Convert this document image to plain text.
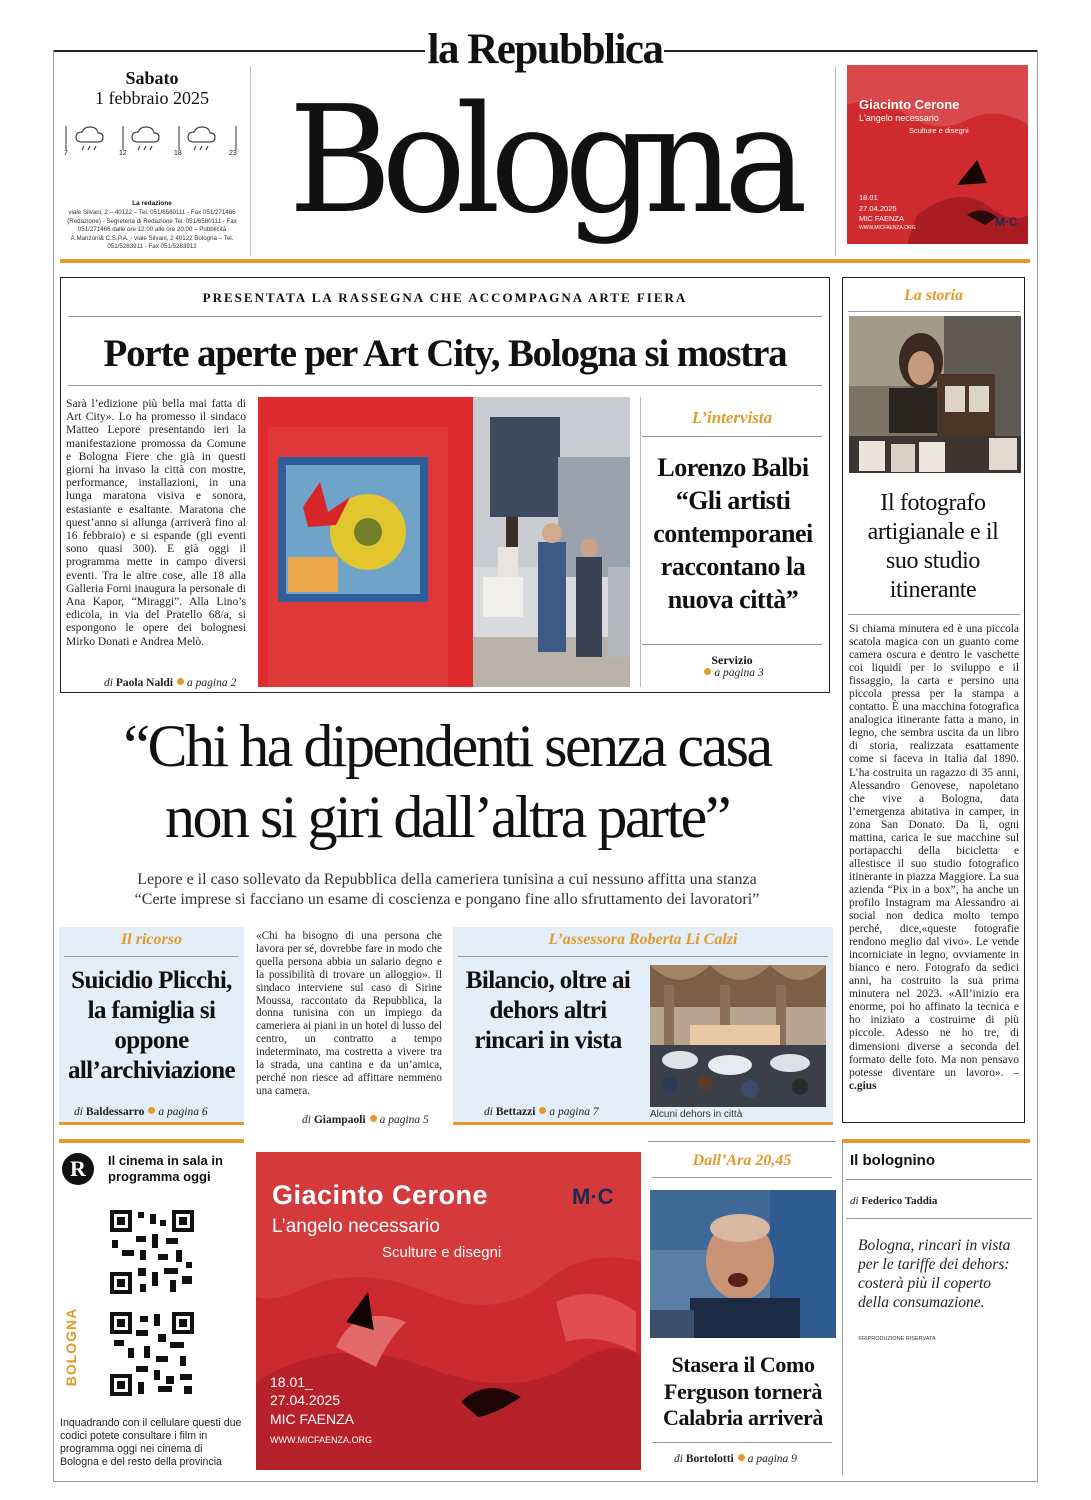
la Repubblica
Sabato
1 febbraio 2025
7	12	18	23
La redazione
viale Silvani, 2 – 40122 – Tel. 051/6580111 - Fax 051/271466 (Redazione) - Segreteria di Redazione Tel. 051/6580111 - Fax 051/271466 dalle ore 12.00 alle ore 20.00 – Pubblicità A.Manzoni& C.S.P.A. - viale Silvani, 2 40122 Bologna – Tel. 051/5283911 - Fax 051/5283912
Bologna	Giacinto Cerone
L'angelo necessario
Sculture e disegni
18.01
27.04.2025
MIC FAENZA
WWW.MICFAENZA.ORG	M·C
PRESENTATA LA RASSEGNA CHE ACCOMPAGNA ARTE FIERA
Porte aperte per Art City, Bologna si mostra
Sarà l’edizione più bella mai fatta di Art City». Lo ha promesso il sindaco Matteo Lepore presentando ieri la manifestazione promossa da Comune e Bologna Fiere che già in questi giorni ha invaso la città con mostre, performance, installazioni, in una lunga maratona visiva e sonora, estasiante e esaltante. Maratona che quest’anno si allunga (arriverà fino al 16 febbraio) e si espande (gli eventi sono quasi 300). E già oggi il programma mette in campo diversi eventi. Tra le altre cose, alle 18 alla Galleria Forni inaugura la personale di Ana Kapor, “Miraggi”. Alla Lino’s edicola, in via del Pratello 68/a, si espongono le opere dei bolognesi Mirko Donati e Andrea Melò.
di Paola Naldi a pagina 2
L’intervista
Lorenzo Balbi “Gli artisti contemporanei raccontano la nuova città”
Servizio
a pagina 3
La storia
Il fotografo artigianale e il suo studio itinerante
Si chiama minutera ed è una piccola scatola magica con un guanto come camera oscura e dentro le vaschette coi liquidi per lo sviluppo e il fissaggio, la carta e persino una piccola pressa per la stampa a contatto. È una macchina fotografica analogica itinerante fatta a mano, in legno, che sembra uscita da un libro di storia, realizzata esattamente come si faceva in Italia dal 1890. L’ha costruita un ragazzo di 35 anni, Alessandro Genovese, napoletano che vive a Bologna, data l’emergenza abitativa in camper, in zona San Donato. Da lì, ogni mattina, carica le sue macchine sul portapacchi della bicicletta e allestisce il suo studio fotografico itinerante in piazza Maggiore. La sua azienda “Pix in a box”, ha anche un profilo Instagram ma Alessandro ai social non dedica molto tempo perché, dice,«queste fotografie rendono meglio dal vivo». Le vende incorniciate in legno, ovviamente in bianco e nero. Fotografo da sedici anni, ha costruito la sua prima minutera nel 2023. «All’inizio era enorme, poi ho affinato la tecnica e ho iniziato a costruirne di più piccole. Adesso ne ho tre, di dimensioni diverse a seconda del formato delle foto. Ma non pensavo potesse diventare un lavoro». – c.gius
“Chi ha dipendenti senza casa
non si giri dall’altra parte”
Lepore e il caso sollevato da Repubblica della cameriera tunisina a cui nessuno affitta una stanza
“Certe imprese si facciano un esame di coscienza e pongano fine allo sfruttamento dei lavoratori”
Il ricorso
Suicidio Plicchi, la famiglia si oppone all’archiviazione
di Baldessarro a pagina 6
«Chi ha bisogno di una persona che lavora per sé, dovrebbe fare in modo che quella persona abbia un salario degno e la possibilità di trovare un alloggio». Il sindaco interviene sul caso di Sirine Moussa, raccontato da Repubblica, la donna tunisina con un impiego da cameriera ai piani in un hotel di lusso del centro, un contratto a tempo indeterminato, ma costretta a vivere tra la strada, una cantina e da un’amica, perché non riesce ad affittare nemmeno una camera.
di Giampaoli a pagina 5
L’assessora Roberta Li Calzi
Bilancio, oltre ai dehors altri rincari in vista
Alcuni dehors in città
di Bettazzi a pagina 7
R	Il cinema in sala in programma oggi
BOLOGNA
Inquadrando con il cellulare questi due codici potete consultare i film in programma oggi nei cinema di Bologna e del resto della provincia
Giacinto Cerone
L’angelo necessario
Sculture e disegni
M·C
18.01_
27.04.2025
MIC FAENZA
WWW.MICFAENZA.ORG
Dall’Ara 20,45
Stasera il Como Ferguson tornerà Calabria arriverà
di Bortolotti a pagina 9
Il bolognino
di Federico Taddia
Bologna, rincari in vista per le tariffe dei dehors: costerà più il coperto della consumazione.
©RIPRODUZIONE RISERVATA
